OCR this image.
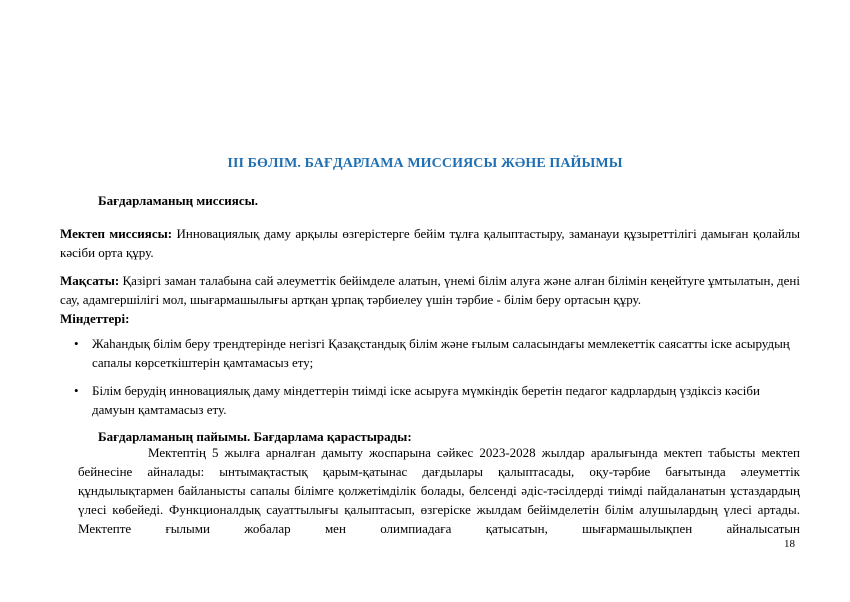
III БӨЛІМ. БАҒДАРЛАМА МИССИЯСЫ ЖӘНЕ ПАЙЫМЫ
Бағдарламаның миссиясы.
Мектеп миссиясы: Инновациялық даму арқылы өзгерістерге бейім тұлға қалыптастыру, заманауи құзыреттілігі дамыған қолайлы кәсіби орта құру.
Мақсаты: Қазіргі заман талабына сай әлеуметтік бейімделе алатын, үнемі білім алуға және алған білімін кеңейтуге ұмтылатын, дені сау, адамгершілігі мол, шығармашылығы артқан ұрпақ тәрбиелеу үшін тәрбие - білім беру ортасын құру.
Міндеттері:
• Жаһандық білім беру трендтерінде негізгі Қазақстандық білім және ғылым саласындағы мемлекеттік саясатты іске асырудың сапалы көрсеткіштерін қамтамасыз ету;
• Білім берудің инновациялық даму міндеттерін тиімді іске асыруға мүмкіндік беретін педагог кадрлардың үздіксіз кәсіби дамуын қамтамасыз ету.
Бағдарламаның пайымы. Бағдарлама қарастырады:

Мектептің 5 жылға арналған дамыту жоспарына сәйкес 2023-2028 жылдар аралығында мектеп табысты мектеп бейнесіне айналады: ынтымақтастық қарым-қатынас дағдылары қалыптасады, оқу-тәрбие бағытында әлеуметтік құндылықтармен байланысты сапалы білімге қолжетімділік болады, белсенді әдіс-тәсілдерді тиімді пайдаланатын ұстаздардың үлесі көбейеді. Функционалдық сауаттылығы қалыптасып, өзгеріске жылдам бейімделетін білім алушылардың үлесі артады. Мектепте ғылыми жобалар мен олимпиадаға қатысатын, шығармашылықпен айналысатын

18
